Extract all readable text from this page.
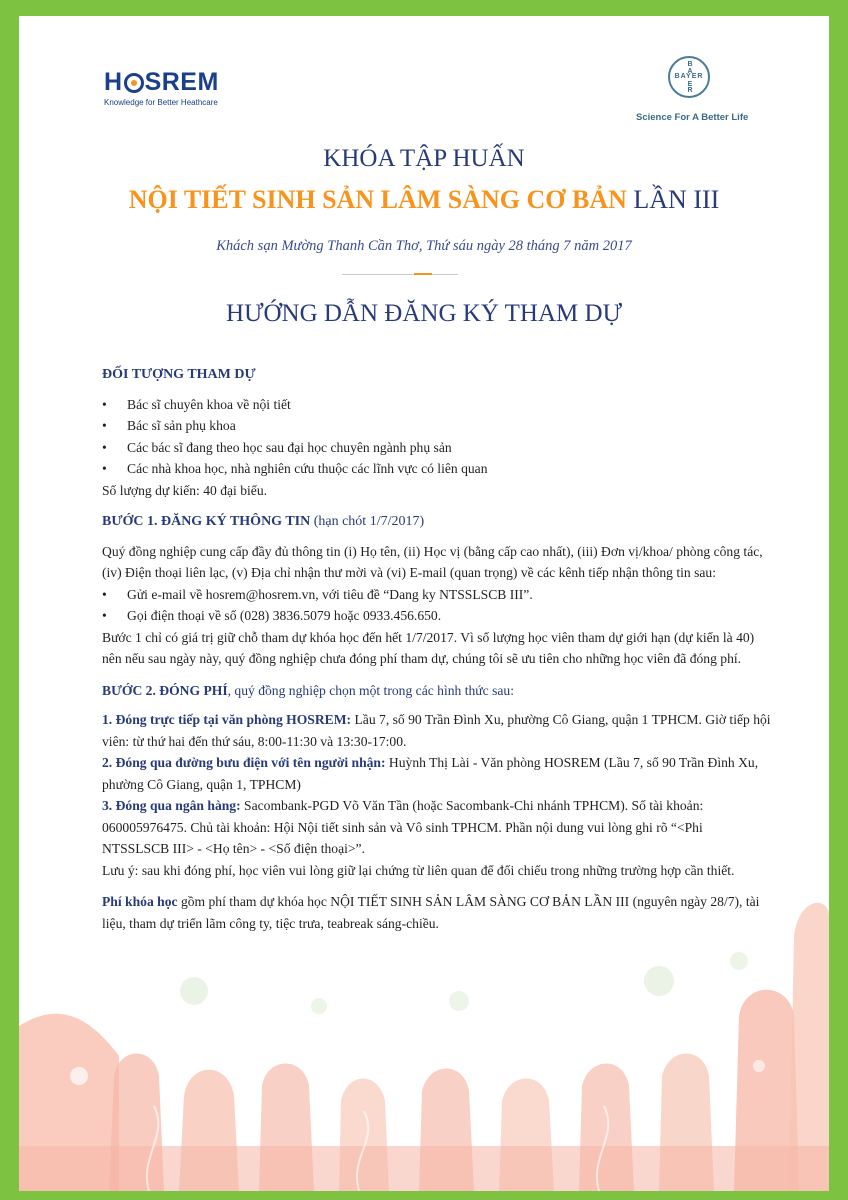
H SREM
Knowledge for Better Heathcare
BAYER
B
A

E
R
Science For A Better Life
KHÓA TẬP HUẤN
NỘI TIẾT SINH SẢN LÂM SÀNG CƠ BẢN LẦN III
Khách sạn Mường Thanh Cần Thơ, Thứ sáu ngày 28 tháng 7 năm 2017
HƯỚNG DẪN ĐĂNG KÝ THAM DỰ

ĐỐI TƯỢNG THAM DỰ

• Bác sĩ chuyên khoa về nội tiết

• Bác sĩ sản phụ khoa

• Các bác sĩ đang theo học sau đại học chuyên ngành phụ sản

• Các nhà khoa học, nhà nghiên cứu thuộc các lĩnh vực có liên quan

Số lượng dự kiến: 40 đại biểu.

BƯỚC 1. ĐĂNG KÝ THÔNG TIN (hạn chót 1/7/2017)

Quý đồng nghiệp cung cấp đầy đủ thông tin (i) Họ tên, (ii) Học vị (bằng cấp cao nhất), (iii) Đơn vị/khoa/ phòng công tác, (iv) Điện thoại liên lạc, (v) Địa chỉ nhận thư mời và (vi) E-mail (quan trọng) về các kênh tiếp nhận thông tin sau:

• Gửi e-mail về hosrem@hosrem.vn, với tiêu đề “Dang ky NTSSLSCB III”.

• Gọi điện thoại về số (028) 3836.5079 hoặc 0933.456.650.

Bước 1 chỉ có giá trị giữ chỗ tham dự khóa học đến hết 1/7/2017. Vì số lượng học viên tham dự giới hạn (dự kiến là 40) nên nếu sau ngày này, quý đồng nghiệp chưa đóng phí tham dự, chúng tôi sẽ ưu tiên cho những học viên đã đóng phí.

BƯỚC 2. ĐÓNG PHÍ, quý đồng nghiệp chọn một trong các hình thức sau:

1. Đóng trực tiếp tại văn phòng HOSREM: Lầu 7, số 90 Trần Đình Xu, phường Cô Giang, quận 1 TPHCM. Giờ tiếp hội viên: từ thứ hai đến thứ sáu, 8:00-11:30 và 13:30-17:00.

2. Đóng qua đường bưu điện với tên người nhận: Huỳnh Thị Lài - Văn phòng HOSREM (Lầu 7, số 90 Trần Đình Xu, phường Cô Giang, quận 1, TPHCM)

3. Đóng qua ngân hàng: Sacombank-PGD Võ Văn Tần (hoặc Sacombank-Chi nhánh TPHCM). Số tài khoản: 060005976475. Chủ tài khoản: Hội Nội tiết sinh sản và Vô sinh TPHCM. Phần nội dung vui lòng ghi rõ “<Phi NTSSLSCB III> - <Họ tên> - <Số điện thoại>”.

Lưu ý: sau khi đóng phí, học viên vui lòng giữ lại chứng từ liên quan để đối chiếu trong những trường hợp cần thiết.

Phí khóa học gồm phí tham dự khóa học NỘI TIẾT SINH SẢN LÂM SÀNG CƠ BẢN LẦN III (nguyên ngày 28/7), tài liệu, tham dự triển lãm công ty, tiệc trưa, teabreak sáng-chiều.
